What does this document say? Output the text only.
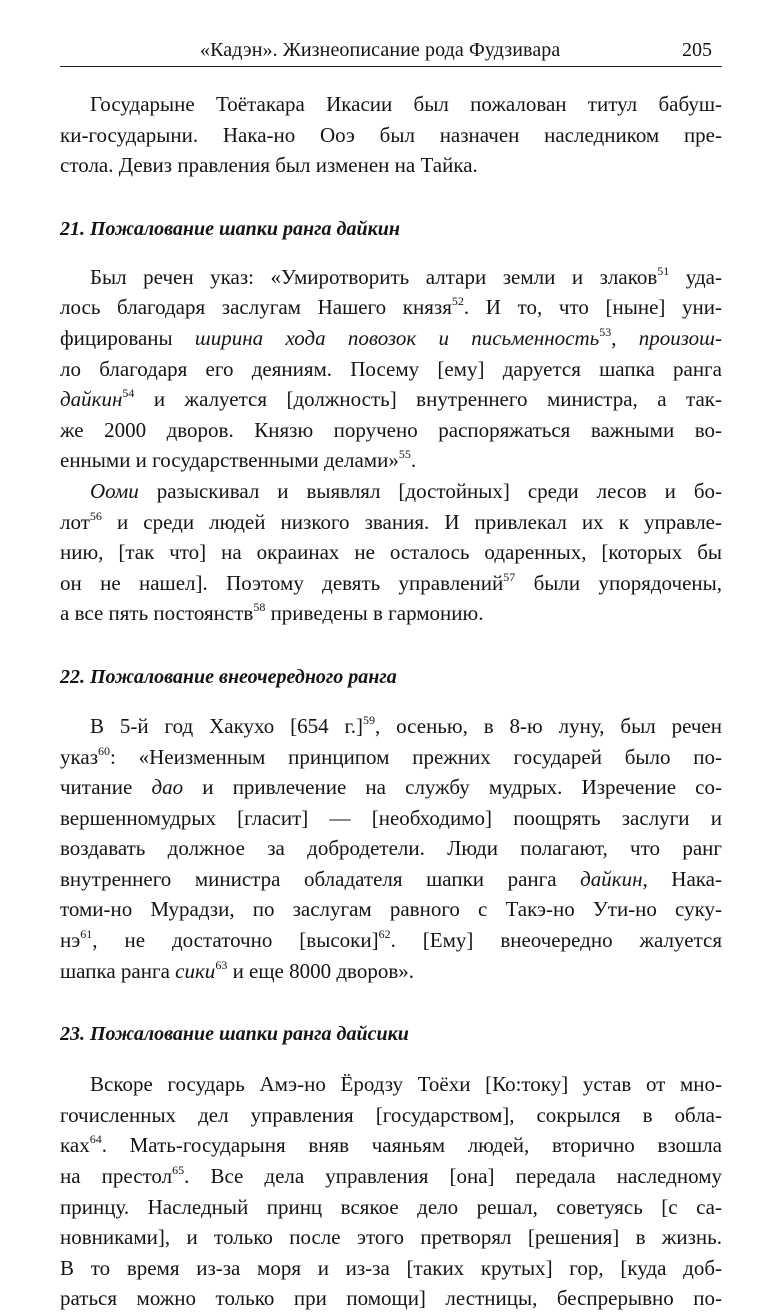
«Кадэн». Жизнеописание рода Фудзивара	205

Государыне Тоётакара Икасии был пожалован титул бабуш-
ки-государыни. Нака-но Ооэ был назначен наследником пре-
стола. Девиз правления был изменен на Тайка.

21. Пожалование шапки ранга дайкин

Был речен указ: «Умиротворить алтари земли и злаков$^{51}$ уда-
лось благодаря заслугам Нашего князя$^{52}$. И то, что [ныне] уни-
фицированы ширина хода повозок и письменность$^{53}$, произош-
ло благодаря его деяниям. Посему [ему] даруется шапка ранга
дайкин$^{54}$ и жалуется [должность] внутреннего министра, а так-
же 2000 дворов. Князю поручено распоряжаться важными во-
енными и государственными делами»$^{55}$.

Ооми разыскивал и выявлял [достойных] среди лесов и бо-
лот$^{56}$ и среди людей низкого звания. И привлекал их к управле-
нию, [так что] на окраинах не осталось одаренных, [которых бы
он не нашел]. Поэтому девять управлений$^{57}$ были упорядочены,
а все пять постоянств$^{58}$ приведены в гармонию.

22. Пожалование внеочередного ранга

В 5-й год Хакухо [654 г.]$^{59}$, осенью, в 8-ю луну, был речен
указ$^{60}$: «Неизменным принципом прежних государей было по-
читание дао и привлечение на службу мудрых. Изречение со-
вершенномудрых [гласит] — [необходимо] поощрять заслуги и
воздавать должное за добродетели. Люди полагают, что ранг
внутреннего министра обладателя шапки ранга дайкин, Нака-
томи-но Мурадзи, по заслугам равного с Такэ-но Ути-но суку-
$нэ^{61}$, не достаточно [высоки]$^{62}$. [Ему] внеочередно жалуется
шапка ранга сики$^{63}$ и еще 8000 дворов».

23. Пожалование шапки ранга дайсики

Вскоре государь Амэ-но Ёродзу Тоёхи [Ко:току] устав от мно-
гочисленных дел управления [государством], сокрылся в обла-
ках$^{64}$. Мать-государыня вняв чаяньям людей, вторично взошла
на престол$^{65}$. Все дела управления [она] передала наследному
принцу. Наследный принц всякое дело решал, советуясь [с са-
новниками], и только после этого претворял [решения] в жизнь.
В то время из-за моря и из-за [таких крутых] гор, [куда доб-
раться можно только при помощи] лестницы, беспрерывно по-
